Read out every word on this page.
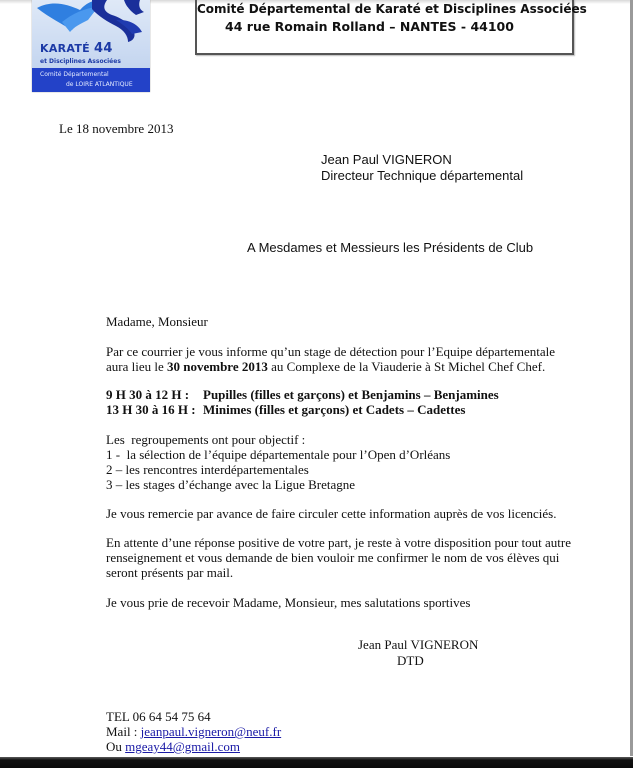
KARATÉ 44
et Disciplines Associées
Comité Départemental
de LOIRE ATLANTIQUE
Comité Départemental de Karaté et Disciplines Associées
44 rue Romain Rolland – NANTES - 44100
Le 18 novembre 2013
Jean Paul VIGNERON
Directeur Technique départemental
A Mesdames et Messieurs les Présidents de Club
Madame, Monsieur
Par ce courrier je vous informe qu’un stage de détection pour l’Equipe départementale
aura lieu le 30 novembre 2013 au Complexe de la Viauderie à St Michel Chef Chef.
9 H 30 à 12 H :	Pupilles (filles et garçons) et Benjamins – Benjamines
13 H 30 à 16 H : Minimes (filles et garçons) et Cadets – Cadettes
Les  regroupements ont pour objectif :
1 -  la sélection de l’équipe départementale pour l’Open d’Orléans
2 – les rencontres interdépartementales
3 – les stages d’échange avec la Ligue Bretagne
Je vous remercie par avance de faire circuler cette information auprès de vos licenciés.
En attente d’une réponse positive de votre part, je reste à votre disposition pour tout autre
renseignement et vous demande de bien vouloir me confirmer le nom de vos élèves qui
seront présents par mail.
Je vous prie de recevoir Madame, Monsieur, mes salutations sportives
Jean Paul VIGNERON
DTD
TEL 06 64 54 75 64
Mail : jeanpaul.vigneron@neuf.fr
Ou mgeay44@gmail.com
